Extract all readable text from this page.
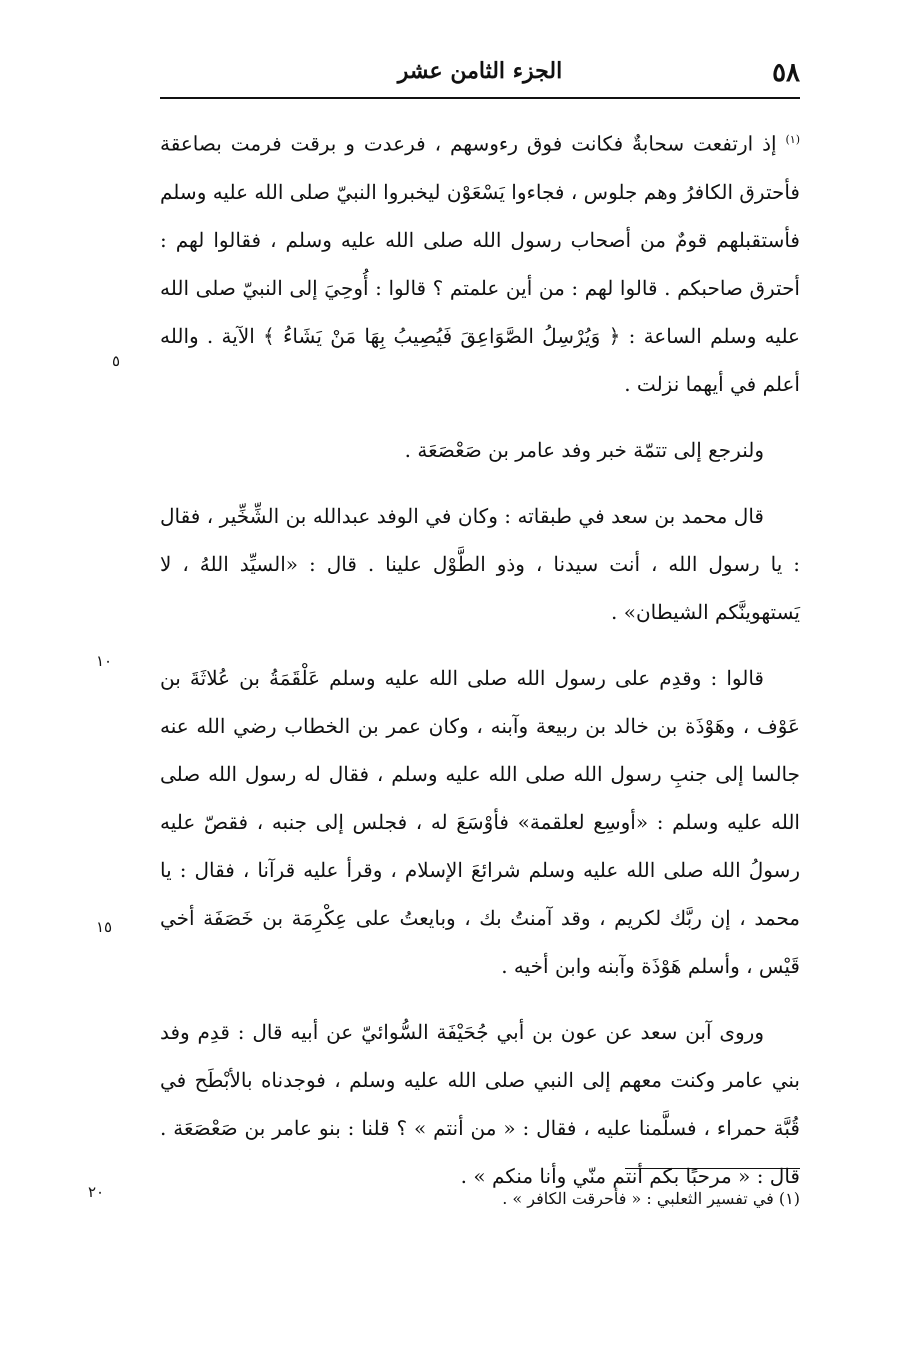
٥٨
الجزء الثامن عشر

$^{(١)}$ إذ ارتفعت سحابةٌ فكانت فوق رءوسهم ، فرعدت و برقت فرمت بصاعقة فأحترق الكافرُ وهم جلوس ، فجاءوا يَسْعَوْن ليخبروا النبيّ صلى الله عليه وسلم فأستقبلهم قومٌ من أصحاب رسول الله صلى الله عليه وسلم ، فقالوا لهم : أحترق صاحبكم . قالوا لهم : من أين علمتم ؟ قالوا : أُوحِيَ إلى النبيّ صلى الله عليه وسلم الساعة : ﴿ وَيُرْسِلُ الصَّوَاعِقَ فَيُصِيبُ بِهَا مَنْ يَشَاءُ ﴾ الآية . والله أعلم في أيهما نزلت .

ولنرجع إلى تتمّة خبر وفد عامر بن صَعْصَعَة .

قال محمد بن سعد في طبقاته : وكان في الوفد عبدالله بن الشِّخِّير ، فقال : يا رسول الله ، أنت سيدنا ، وذو الطَّوْل علينا . قال : «السيِّد اللهُ ، لا يَستهوينَّكم الشيطان» .

قالوا : وقدِم على رسول الله صلى الله عليه وسلم عَلْقَمَةُ بن عُلاثَةَ بن عَوْف ، وهَوْذَة بن خالد بن ربيعة وآبنه ، وكان عمر بن الخطاب رضي الله عنه جالسا إلى جنبِ رسول الله صلى الله عليه وسلم ، فقال له رسول الله صلى الله عليه وسلم : «أوسِع لعلقمة» فأوْسَعَ له ، فجلس إلى جنبه ، فقصّ عليه رسولُ الله صلى الله عليه وسلم شرائعَ الإسلام ، وقرأ عليه قرآنا ، فقال : يا محمد ، إن ربَّك لكريم ، وقد آمنتُ بك ، وبايعتُ على عِكْرِمَة بن خَصَفَة أخي قَيْس ، وأسلم هَوْذَة وآبنه وابن أخيه .

وروى آبن سعد عن عون بن أبي جُحَيْفَة السُّوائيّ عن أبيه قال : قدِم وفد بني عامر وكنت معهم إلى النبي صلى الله عليه وسلم ، فوجدناه بالأبْطَح في قُبَّة حمراء ، فسلَّمنا عليه ، فقال : « من أنتم » ؟ قلنا : بنو عامر بن صَعْصَعَة . قال : « مرحبًا بكم أنتم منّي وأنا منكم » .

٥
١٠
١٥
٢٠	(١) في تفسير الثعلبي : « فأحرقت الكافر » .
